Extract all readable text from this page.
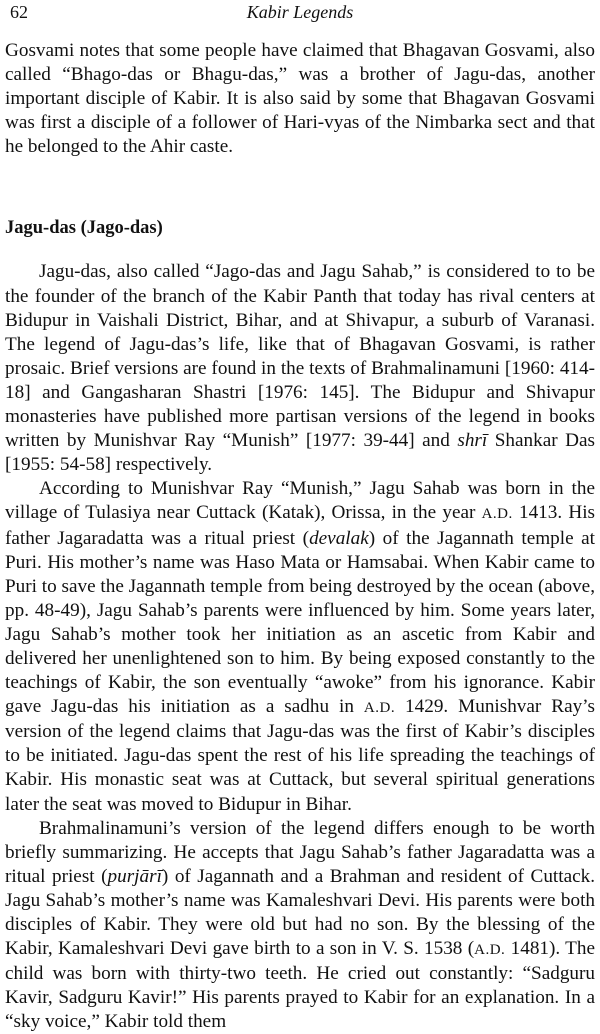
62	Kabir Legends

Gosvami notes that some people have claimed that Bhagavan Gosvami, also called “Bhago-das or Bhagu-das,” was a brother of Jagu-das, another important disciple of Kabir. It is also said by some that Bhagavan Gosvami was first a disciple of a follower of Hari-vyas of the Nimbarka sect and that he belonged to the Ahir caste.

Jagu-das (Jago-das)

Jagu-das, also called “Jago-das and Jagu Sahab,” is considered to to be the founder of the branch of the Kabir Panth that today has rival centers at Bidupur in Vaishali District, Bihar, and at Shivapur, a suburb of Varanasi. The legend of Jagu-das’s life, like that of Bhagavan Gosvami, is rather prosaic. Brief versions are found in the texts of Brahmalinamuni [1960: 414-18] and Gangasharan Shastri [1976: 145]. The Bidupur and Shivapur monasteries have published more partisan versions of the legend in books written by Munishvar Ray “Munish” [1977: 39-44] and shrī Shankar Das [1955: 54-58] respectively.

According to Munishvar Ray “Munish,” Jagu Sahab was born in the village of Tulasiya near Cuttack (Katak), Orissa, in the year A.D. 1413. His father Jagaradatta was a ritual priest (devalak) of the Jagannath temple at Puri. His mother’s name was Haso Mata or Hamsabai. When Kabir came to Puri to save the Jagannath temple from being destroyed by the ocean (above, pp. 48-49), Jagu Sahab’s parents were influenced by him. Some years later, Jagu Sahab’s mother took her initiation as an ascetic from Kabir and delivered her unenlightened son to him. By being exposed constantly to the teachings of Kabir, the son eventually “awoke” from his ignorance. Kabir gave Jagu-das his initiation as a sadhu in A.D. 1429. Munishvar Ray’s version of the legend claims that Jagu-das was the first of Kabir’s disciples to be initiated. Jagu-das spent the rest of his life spreading the teachings of Kabir. His monastic seat was at Cuttack, but several spiritual generations later the seat was moved to Bidupur in Bihar.

Brahmalinamuni’s version of the legend differs enough to be worth briefly summarizing. He accepts that Jagu Sahab’s father Jagaradatta was a ritual priest (purjārī) of Jagannath and a Brahman and resident of Cuttack. Jagu Sahab’s mother’s name was Kamaleshvari Devi. His parents were both disciples of Kabir. They were old but had no son. By the blessing of the Kabir, Kamaleshvari Devi gave birth to a son in V. S. 1538 (A.D. 1481). The child was born with thirty-two teeth. He cried out constantly: “Sadguru Kavir, Sadguru Kavir!” His parents prayed to Kabir for an explanation. In a “sky voice,” Kabir told them
